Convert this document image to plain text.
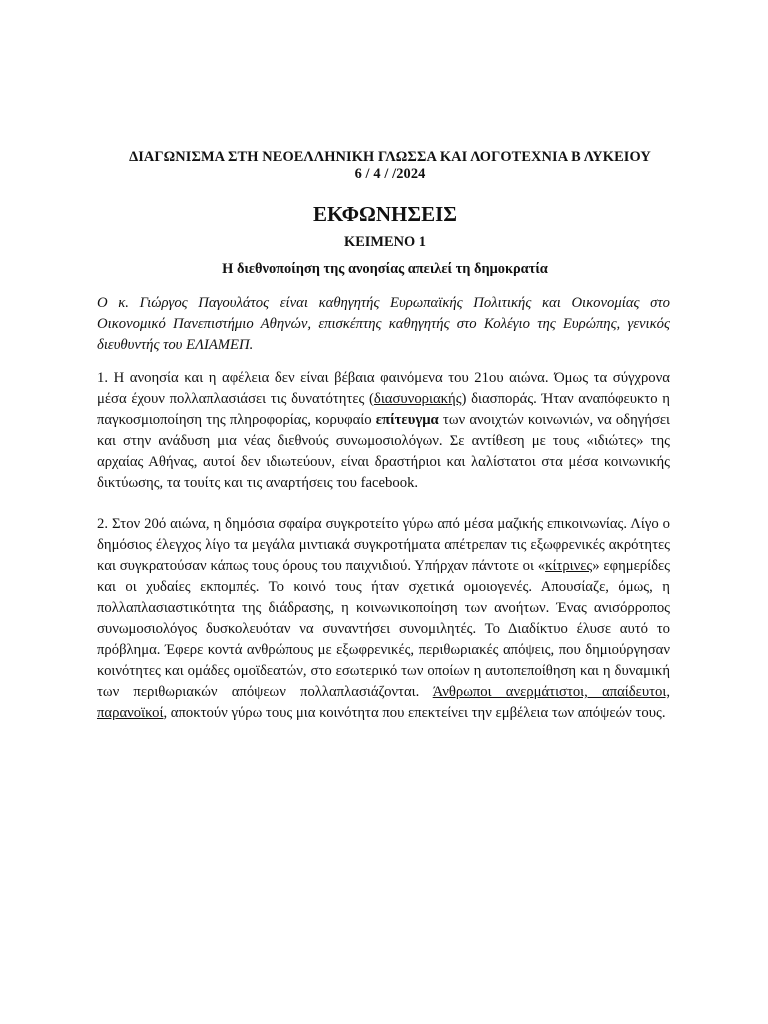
ΔΙΑΓΩΝΙΣΜΑ ΣΤΗ ΝΕΟΕΛΛΗΝΙΚΗ ΓΛΩΣΣΑ ΚΑΙ ΛΟΓΟΤΕΧΝΙΑ Β ΛΥΚΕΙΟΥ
6 / 4 / /2024
ΕΚΦΩΝΗΣΕΙΣ
ΚΕΙΜΕΝΟ 1
Η διεθνοποίηση της ανοησίας απειλεί τη δημοκρατία

Ο κ. Γιώργος Παγουλάτος είναι καθηγητής Ευρωπαϊκής Πολιτικής και Οικονομίας στο Οικονομικό Πανεπιστήμιο Αθηνών, επισκέπτης καθηγητής στο Κολέγιο της Ευρώπης, γενικός διευθυντής του ΕΛΙΑΜΕΠ.

1. Η ανοησία και η αφέλεια δεν είναι βέβαια φαινόμενα του 21ου αιώνα. Όμως τα σύγχρονα μέσα έχουν πολλαπλασιάσει τις δυνατότητες (διασυνοριακής) διασποράς. Ήταν αναπόφευκτο η παγκοσμιοποίηση της πληροφορίας, κορυφαίο επίτευγμα των ανοιχτών κοινωνιών, να οδηγήσει και στην ανάδυση μια νέας διεθνούς συνωμοσιολόγων. Σε αντίθεση με τους «ιδιώτες» της αρχαίας Αθήνας, αυτοί δεν ιδιωτεύουν, είναι δραστήριοι και λαλίστατοι στα μέσα κοινωνικής δικτύωσης, τα τουίτς και τις αναρτήσεις του facebook.

2. Στον 20ό αιώνα, η δημόσια σφαίρα συγκροτείτο γύρω από μέσα μαζικής επικοινωνίας. Λίγο ο δημόσιος έλεγχος λίγο τα μεγάλα μιντιακά συγκροτήματα απέτρεπαν τις εξωφρενικές ακρότητες και συγκρατούσαν κάπως τους όρους του παιχνιδιού. Υπήρχαν πάντοτε οι «κίτρινες» εφημερίδες και οι χυδαίες εκπομπές. Το κοινό τους ήταν σχετικά ομοιογενές. Απουσίαζε, όμως, η πολλαπλασιαστικότητα της διάδρασης, η κοινωνικοποίηση των ανοήτων. Ένας ανισόρροπος συνωμοσιολόγος δυσκολευόταν να συναντήσει συνομιλητές. Το Διαδίκτυο έλυσε αυτό το πρόβλημα. Έφερε κοντά ανθρώπους με εξωφρενικές, περιθωριακές απόψεις, που δημιούργησαν κοινότητες και ομάδες ομοϊδεατών, στο εσωτερικό των οποίων η αυτοπεποίθηση και η δυναμική των περιθωριακών απόψεων πολλαπλασιάζονται. Άνθρωποι ανερμάτιστοι, απαίδευτοι, παρανοϊκοί, αποκτούν γύρω τους μια κοινότητα που επεκτείνει την εμβέλεια των απόψεών τους.
